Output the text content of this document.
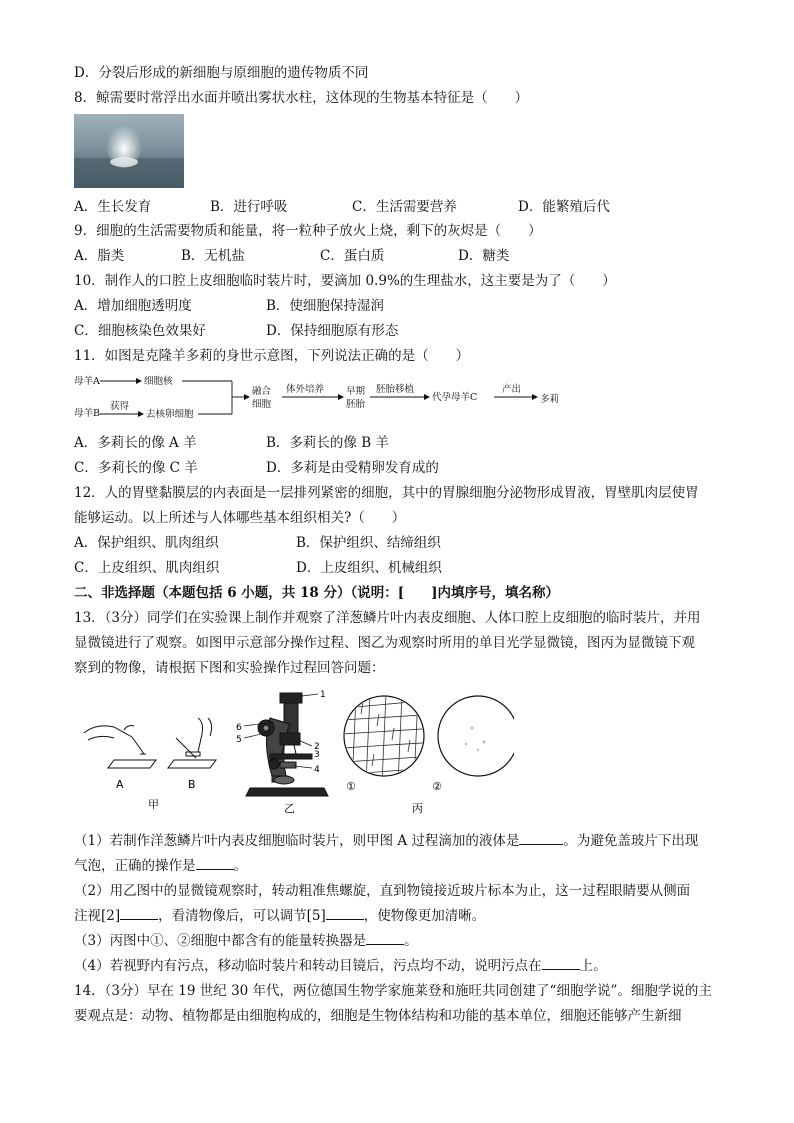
D．分裂后形成的新细胞与原细胞的遗传物质不同
8．鲸需要时常浮出水面并喷出雾状水柱，这体现的生物基本特征是（　　）
A．生长发育	B．进行呼吸	C．生活需要营养	D．能繁殖后代
9．细胞的生活需要物质和能量，将一粒种子放火上烧，剩下的灰烬是（　　）
A．脂类	B．无机盐	C．蛋白质	D．糖类
10．制作人的口腔上皮细胞临时装片时，要滴加 0.9%的生理盐水，这主要是为了（　　）
A．增加细胞透明度	B．使细胞保持湿润
C．细胞核染色效果好	D．保持细胞原有形态
11．如图是克隆羊多莉的身世示意图，下列说法正确的是（　　）
母羊A	细胞核
母羊B
获得
去核卵细胞
融合
细胞
体外培养 早期
胚胎
胚胎移植
代孕母羊C
产出
多莉
A．多莉长的像 A 羊	B．多莉长的像 B 羊
C．多莉长的像 C 羊	D．多莉是由受精卵发育成的
12．人的胃壁黏膜层的内表面是一层排列紧密的细胞，其中的胃腺细胞分泌物形成胃液，胃壁肌肉层使胃
能够运动。以上所述与人体哪些基本组织相关?（　　）
A．保护组织、肌肉组织	B．保护组织、结缔组织
C．上皮组织、肌肉组织	D．上皮组织、机械组织
二、非选择题（本题包括 6 小题，共 18 分）（说明：[　　]内填序号，填名称）
13．（3分）同学们在实验课上制作并观察了洋葱鳞片叶内表皮细胞、人体口腔上皮细胞的临时装片，并用
显微镜进行了观察。如图甲示意部分操作过程、图乙为观察时所用的单目光学显微镜，图丙为显微镜下观
察到的物像，请根据下图和实验操作过程回答问题：
A	B
甲	乙	丙
①	②
1
2
3
4
5
6
（1）若制作洋葱鳞片叶内表皮细胞临时装片，则甲图 A 过程滴加的液体是	。为避免盖玻片下出现
气泡，正确的操作是	。
（2）用乙图中的显微镜观察时，转动粗准焦螺旋，直到物镜接近玻片标本为止，这一过程眼睛要从侧面
注视[2]	，看清物像后，可以调节[5]	，使物像更加清晰。
（3）丙图中①、②细胞中都含有的能量转换器是	。
（4）若视野内有污点，移动临时装片和转动目镜后，污点均不动，说明污点在	上。
14．（3分）早在 19 世纪 30 年代，两位德国生物学家施莱登和施旺共同创建了“细胞学说”。细胞学说的主
要观点是：动物、植物都是由细胞构成的，细胞是生物体结构和功能的基本单位，细胞还能够产生新细
